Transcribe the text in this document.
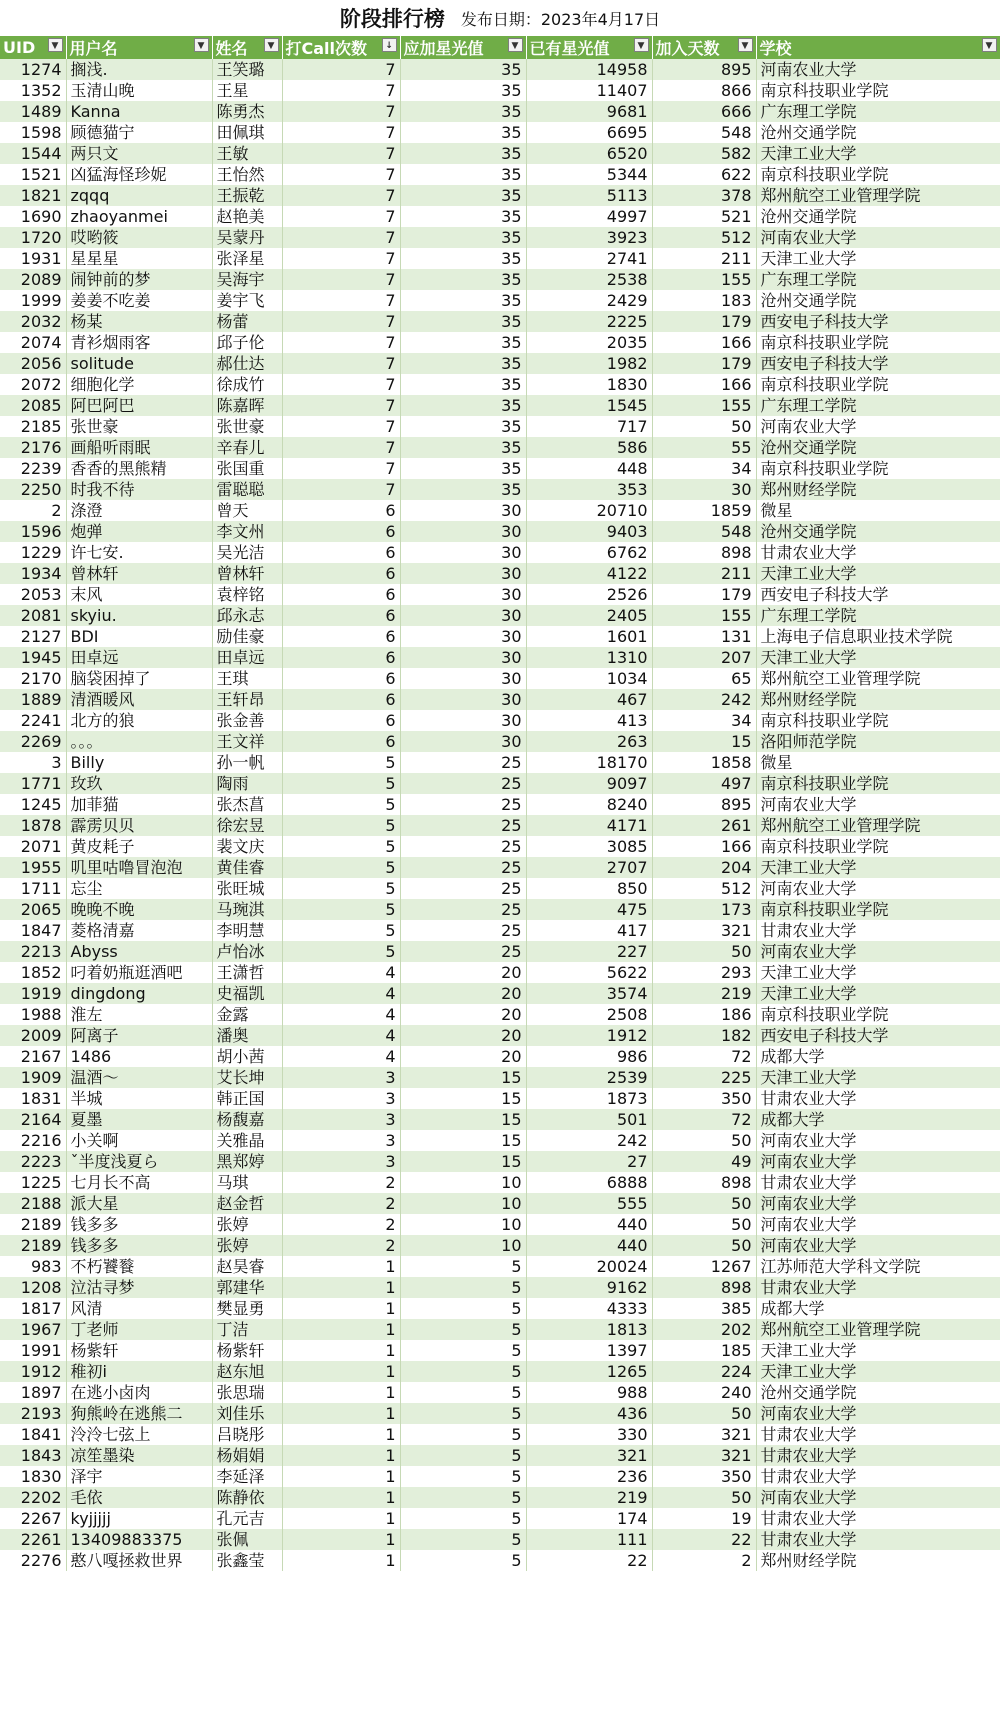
阶段排行榜 发布日期：2023年4月17日
UID ▼	用户名 ▼	姓名 ▼	打Call次数 ↓	应加星光值 ▼	已有星光值 ▼	加入天数 ▼	学校 ▼

1274	搁浅.	王笑璐	7	35	14958	895	河南农业大学
1352	玉清山晚	王星	7	35	11407	866	南京科技职业学院
1489	Kanna	陈勇杰	7	35	9681	666	广东理工学院
1598	顾德猫宁	田佩琪	7	35	6695	548	沧州交通学院
1544	两只文	王敏	7	35	6520	582	天津工业大学
1521	凶猛海怪珍妮	王怡然	7	35	5344	622	南京科技职业学院
1821	zqqq	王振乾	7	35	5113	378	郑州航空工业管理学院
1690	zhaoyanmei	赵艳美	7	35	4997	521	沧州交通学院
1720	哎哟筱	吴蒙丹	7	35	3923	512	河南农业大学
1931	星星星	张泽星	7	35	2741	211	天津工业大学
2089	闹钟前的梦	吴海宇	7	35	2538	155	广东理工学院
1999	姜姜不吃姜	姜宇飞	7	35	2429	183	沧州交通学院
2032	杨某	杨蕾	7	35	2225	179	西安电子科技大学
2074	青衫烟雨客	邱子伦	7	35	2035	166	南京科技职业学院
2056	solitude	郝仕达	7	35	1982	179	西安电子科技大学
2072	细胞化学	徐成竹	7	35	1830	166	南京科技职业学院
2085	阿巴阿巴	陈嘉晖	7	35	1545	155	广东理工学院
2185	张世豪	张世豪	7	35	717	50	河南农业大学
2176	画船听雨眠	辛春儿	7	35	586	55	沧州交通学院
2239	香香的黑熊精	张国重	7	35	448	34	南京科技职业学院
2250	时我不待	雷聪聪	7	35	353	30	郑州财经学院
2	涤澄	曾天	6	30	20710	1859	微星
1596	炮弹	李文州	6	30	9403	548	沧州交通学院
1229	许七安.	吴光洁	6	30	6762	898	甘肃农业大学
1934	曾林轩	曾林轩	6	30	4122	211	天津工业大学
2053	末风	袁梓铭	6	30	2526	179	西安电子科技大学
2081	skyiu.	邱永志	6	30	2405	155	广东理工学院
2127	BDI	励佳豪	6	30	1601	131	上海电子信息职业技术学院
1945	田卓远	田卓远	6	30	1310	207	天津工业大学
2170	脑袋困掉了	王琪	6	30	1034	65	郑州航空工业管理学院
1889	清酒暖风	王轩昂	6	30	467	242	郑州财经学院
2241	北方的狼	张金善	6	30	413	34	南京科技职业学院
2269	。。。	王文祥	6	30	263	15	洛阳师范学院
3	Billy	孙一帆	5	25	18170	1858	微星
1771	玫玖	陶雨	5	25	9097	497	南京科技职业学院
1245	加菲猫	张杰菖	5	25	8240	895	河南农业大学
1878	霹雳贝贝	徐宏昱	5	25	4171	261	郑州航空工业管理学院
2071	黄皮耗子	裴文庆	5	25	3085	166	南京科技职业学院
1955	叽里咕噜冒泡泡	黄佳睿	5	25	2707	204	天津工业大学
1711	忘尘	张旺城	5	25	850	512	河南农业大学
2065	晚晚不晚	马琬淇	5	25	475	173	南京科技职业学院
1847	菱格清嘉	李明慧	5	25	417	321	甘肃农业大学
2213	Abyss	卢怡冰	5	25	227	50	河南农业大学
1852	叼着奶瓶逛酒吧	王潇哲	4	20	5622	293	天津工业大学
1919	dingdong	史福凯	4	20	3574	219	天津工业大学
1988	淮左	金露	4	20	2508	186	南京科技职业学院
2009	阿离子	潘奥	4	20	1912	182	西安电子科技大学
2167	1486	胡小茜	4	20	986	72	成都大学
1909	温酒～	艾长坤	3	15	2539	225	天津工业大学
1831	半城	韩正国	3	15	1873	350	甘肃农业大学
2164	夏墨	杨馥嘉	3	15	501	72	成都大学
2216	小关啊	关雅晶	3	15	242	50	河南农业大学
2223	ˇ半度浅夏ら	黑郑婷	3	15	27	49	河南农业大学
1225	七月长不高	马琪	2	10	6888	898	甘肃农业大学
2188	派大星	赵金哲	2	10	555	50	河南农业大学
2189	钱多多	张婷	2	10	440	50	河南农业大学
2189	钱多多	张婷	2	10	440	50	河南农业大学
983	不朽饕餮	赵昊睿	1	5	20024	1267	江苏师范大学科文学院
1208	泣沽寻梦	郭建华	1	5	9162	898	甘肃农业大学
1817	风清	樊显勇	1	5	4333	385	成都大学
1967	丁老师	丁洁	1	5	1813	202	郑州航空工业管理学院
1991	杨紫轩	杨紫轩	1	5	1397	185	天津工业大学
1912	稚初i	赵东旭	1	5	1265	224	天津工业大学
1897	在逃小卤肉	张思瑞	1	5	988	240	沧州交通学院
2193	狗熊岭在逃熊二	刘佳乐	1	5	436	50	河南农业大学
1841	泠泠七弦上	吕晓彤	1	5	330	321	甘肃农业大学
1843	凉笙墨染	杨娟娟	1	5	321	321	甘肃农业大学
1830	泽宇	李延泽	1	5	236	350	甘肃农业大学
2202	毛依	陈静依	1	5	219	50	河南农业大学
2267	kyjjjjj	孔元吉	1	5	174	19	甘肃农业大学
2261	13409883375	张佩	1	5	111	22	甘肃农业大学
2276	憨八嘎拯救世界	张鑫莹	1	5	22	2	郑州财经学院
